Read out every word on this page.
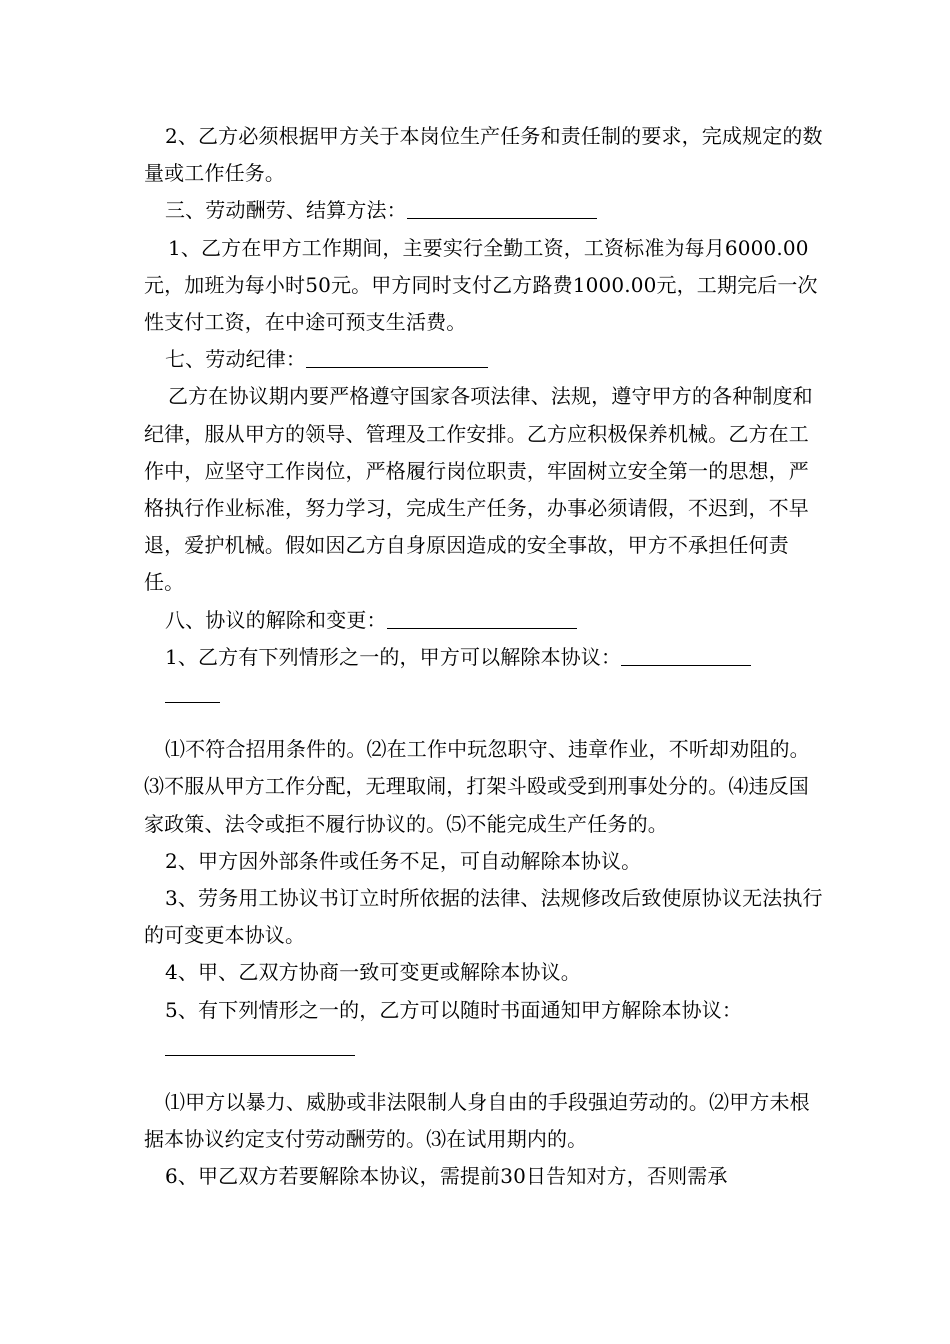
2、乙方必须根据甲方关于本岗位生产任务和责任制的要求，完成规定的数量或工作任务。

三、劳动酬劳、结算方法：

1、乙方在甲方工作期间，主要实行全勤工资，工资标准为每月6000.00元，加班为每小时50元。甲方同时支付乙方路费1000.00元，工期完后一次性支付工资，在中途可预支生活费。

七、劳动纪律：

乙方在协议期内要严格遵守国家各项法律、法规，遵守甲方的各种制度和纪律，服从甲方的领导、管理及工作安排。乙方应积极保养机械。乙方在工作中，应坚守工作岗位，严格履行岗位职责，牢固树立安全第一的思想，严格执行作业标准，努力学习，完成生产任务，办事必须请假，不迟到，不早退，爱护机械。假如因乙方自身原因造成的安全事故，甲方不承担任何责任。

八、协议的解除和变更：

1、乙方有下列情形之一的，甲方可以解除本协议：

⑴不符合招用条件的。⑵在工作中玩忽职守、违章作业，不听却劝阻的。⑶不服从甲方工作分配，无理取闹，打架斗殴或受到刑事处分的。⑷违反国家政策、法令或拒不履行协议的。⑸不能完成生产任务的。

2、甲方因外部条件或任务不足，可自动解除本协议。

3、劳务用工协议书订立时所依据的法律、法规修改后致使原协议无法执行的可变更本协议。

4、甲、乙双方协商一致可变更或解除本协议。

5、有下列情形之一的，乙方可以随时书面通知甲方解除本协议：

⑴甲方以暴力、威胁或非法限制人身自由的手段强迫劳动的。⑵甲方未根据本协议约定支付劳动酬劳的。⑶在试用期内的。

6、甲乙双方若要解除本协议，需提前30日告知对方，否则需承
